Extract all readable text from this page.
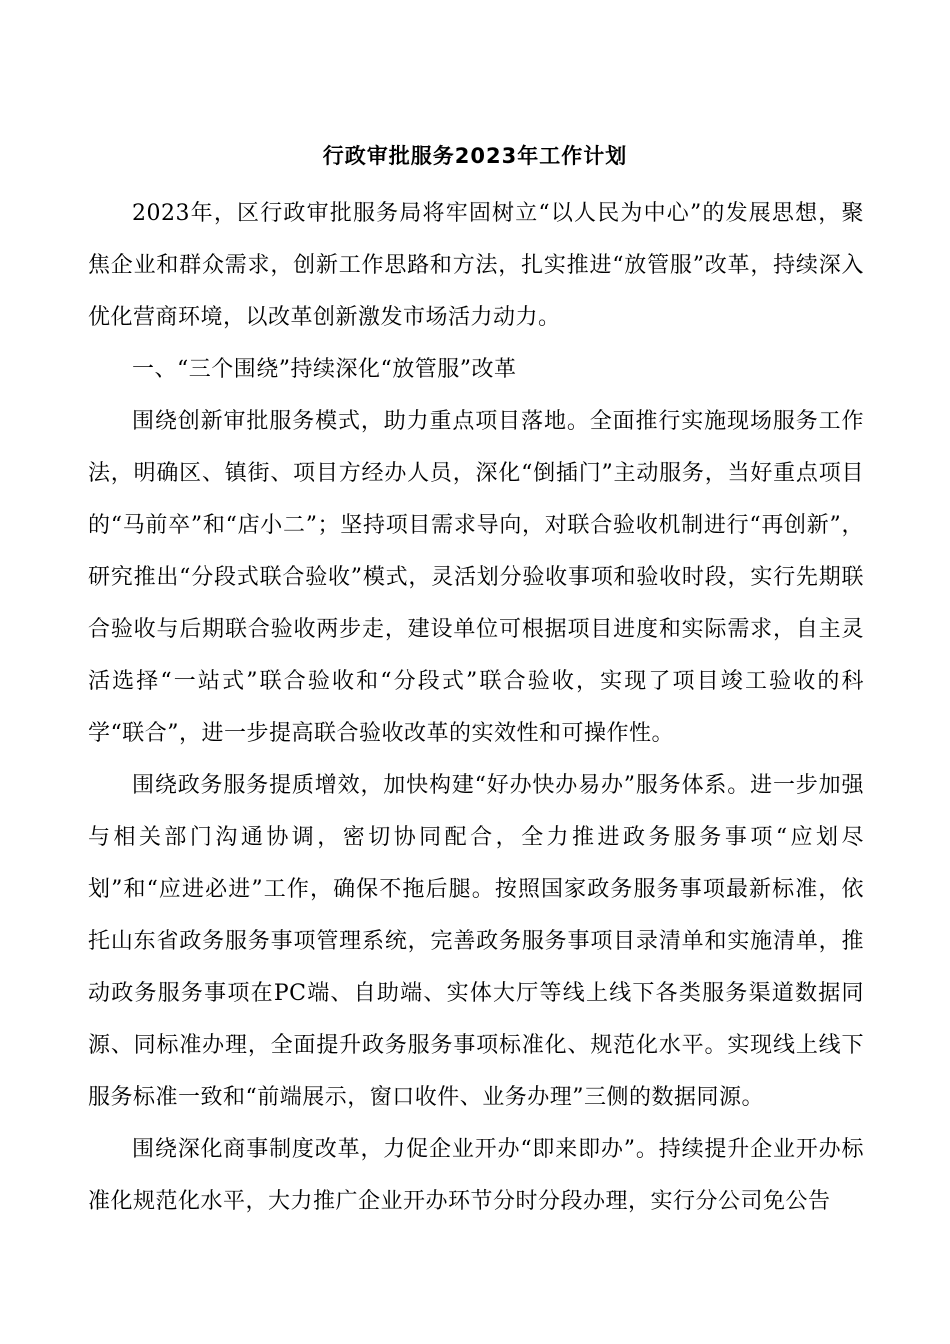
行政审批服务2023年工作计划

2023年，区行政审批服务局将牢固树立“以人民为中心”的发展思想，聚焦企业和群众需求，创新工作思路和方法，扎实推进“放管服”改革，持续深入优化营商环境，以改革创新激发市场活力动力。

一、“三个围绕”持续深化“放管服”改革

围绕创新审批服务模式，助力重点项目落地。全面推行实施现场服务工作法，明确区、镇街、项目方经办人员，深化“倒插门”主动服务，当好重点项目的“马前卒”和“店小二”；坚持项目需求导向，对联合验收机制进行“再创新”，研究推出“分段式联合验收”模式，灵活划分验收事项和验收时段，实行先期联合验收与后期联合验收两步走，建设单位可根据项目进度和实际需求，自主灵活选择“一站式”联合验收和“分段式”联合验收，实现了项目竣工验收的科学“联合”，进一步提高联合验收改革的实效性和可操作性。

围绕政务服务提质增效，加快构建“好办快办易办”服务体系。进一步加强与相关部门沟通协调，密切协同配合，全力推进政务服务事项“应划尽划”和“应进必进”工作，确保不拖后腿。按照国家政务服务事项最新标准，依托山东省政务服务事项管理系统，完善政务服务事项目录清单和实施清单，推动政务服务事项在PC端、自助端、实体大厅等线上线下各类服务渠道数据同源、同标准办理，全面提升政务服务事项标准化、规范化水平。实现线上线下服务标准一致和“前端展示，窗口收件、业务办理”三侧的数据同源。

围绕深化商事制度改革，力促企业开办“即来即办”。持续提升企业开办标准化规范化水平，大力推广企业开办环节分时分段办理，实行分公司免公告
